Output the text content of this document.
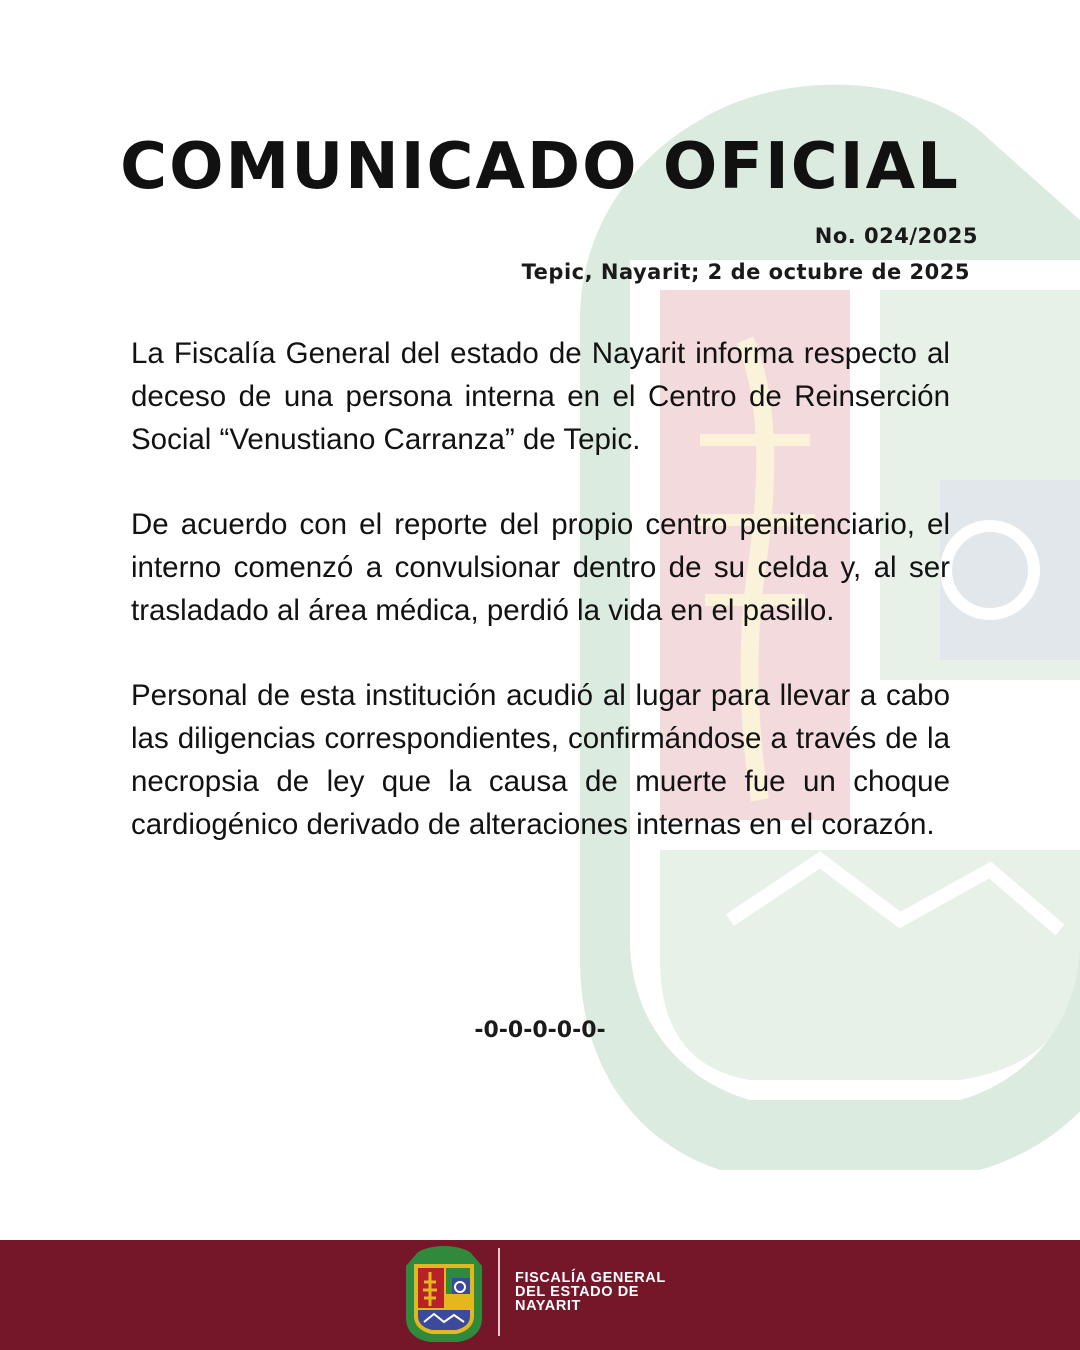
COMUNICADO OFICIAL
No. 024/2025
Tepic, Nayarit; 2 de octubre de 2025

La Fiscalía General del estado de Nayarit informa respecto al deceso de una persona interna en el Centro de Reinserción Social “Venustiano Carranza” de Tepic.

De acuerdo con el reporte del propio centro penitenciario, el interno comenzó a convulsionar dentro de su celda y, al ser trasladado al área médica, perdió la vida en el pasillo.

Personal de esta institución acudió al lugar para llevar a cabo las diligencias correspondientes, confirmándose a través de la necropsia de ley que la causa de muerte fue un choque cardiogénico derivado de alteraciones internas en el corazón.

-0-0-0-0-0-
FISCALÍA GENERAL
DEL ESTADO DE
NAYARIT
